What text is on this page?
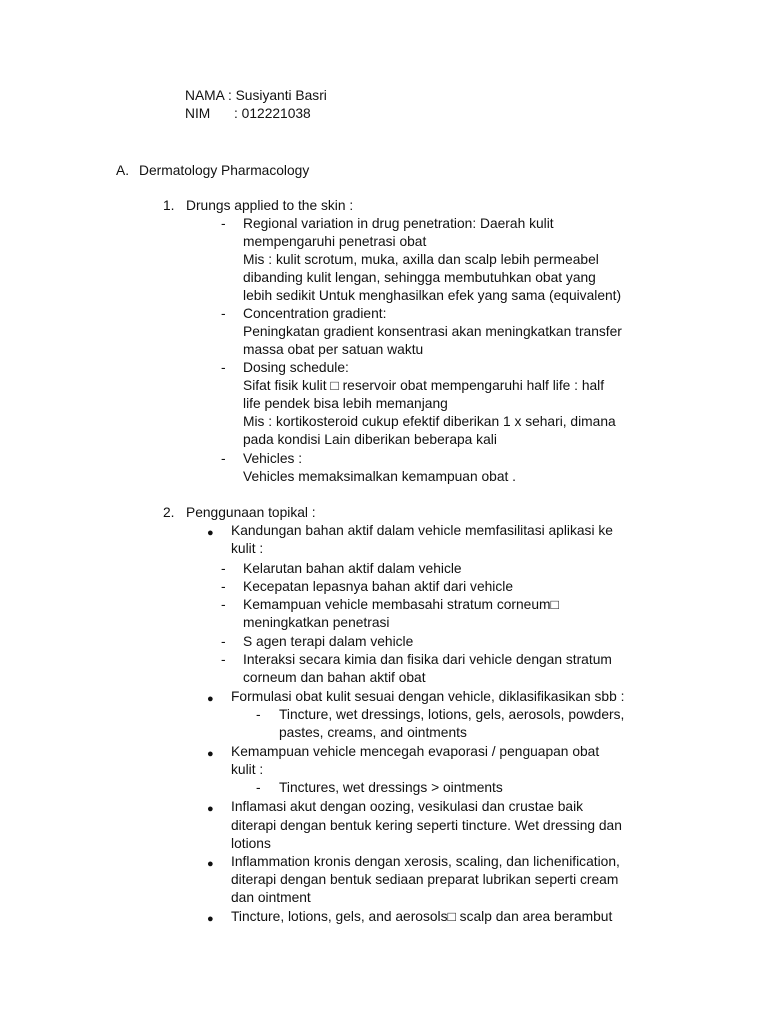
NAMA : Susiyanti Basri
NIM : 012221038
A. Dermatology Pharmacology
1. Drungs applied to the skin :
- Regional variation in drug penetration: Daerah kulit
mempengaruhi penetrasi obat
Mis : kulit scrotum, muka, axilla dan scalp lebih permeabel
dibanding kulit lengan, sehingga membutuhkan obat yang
lebih sedikit Untuk menghasilkan efek yang sama (equivalent)
- Concentration gradient:
Peningkatan gradient konsentrasi akan meningkatkan transfer
massa obat per satuan waktu
- Dosing schedule:
Sifat fisik kulit □ reservoir obat mempengaruhi half life : half
life pendek bisa lebih memanjang
Mis : kortikosteroid cukup efektif diberikan 1 x sehari, dimana
pada kondisi Lain diberikan beberapa kali
- Vehicles :
Vehicles memaksimalkan kemampuan obat .
2. Penggunaan topikal :
● Kandungan bahan aktif dalam vehicle memfasilitasi aplikasi ke
kulit :
- Kelarutan bahan aktif dalam vehicle
- Kecepatan lepasnya bahan aktif dari vehicle
- Kemampuan vehicle membasahi stratum corneum□
meningkatkan penetrasi
- S agen terapi dalam vehicle
- Interaksi secara kimia dan fisika dari vehicle dengan stratum
corneum dan bahan aktif obat
● Formulasi obat kulit sesuai dengan vehicle, diklasifikasikan sbb :
- Tincture, wet dressings, lotions, gels, aerosols, powders,
pastes, creams, and ointments
● Kemampuan vehicle mencegah evaporasi / penguapan obat
kulit :
- Tinctures, wet dressings > ointments
● Inflamasi akut dengan oozing, vesikulasi dan crustae baik
diterapi dengan bentuk kering seperti tincture. Wet dressing dan
lotions
● Inflammation kronis dengan xerosis, scaling, dan lichenification,
diterapi dengan bentuk sediaan preparat lubrikan seperti cream
dan ointment
● Tincture, lotions, gels, and aerosols□ scalp dan area berambut
